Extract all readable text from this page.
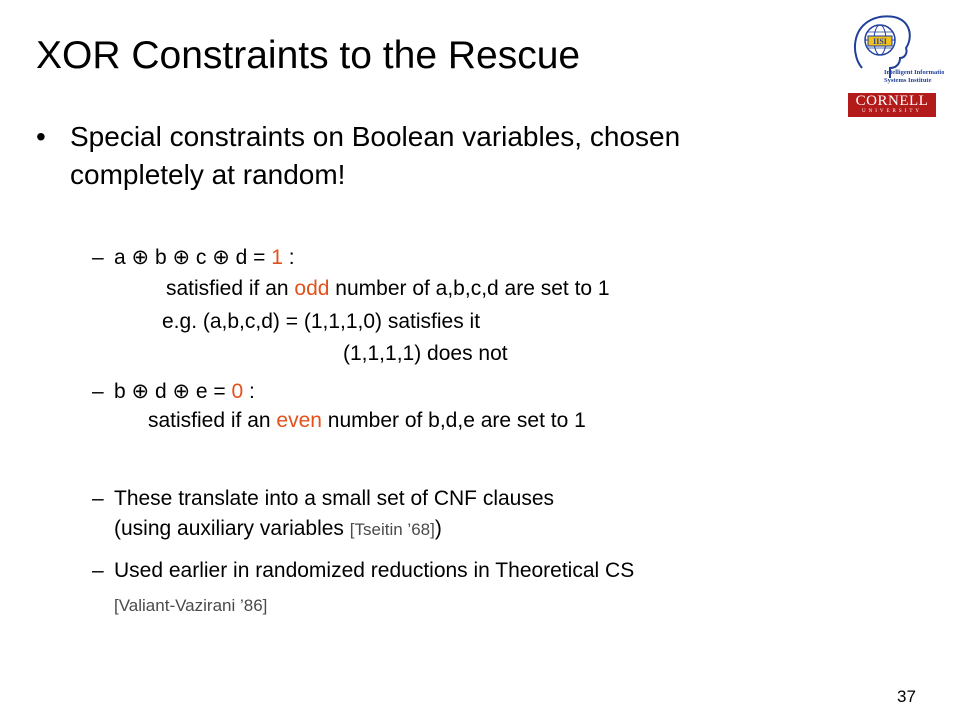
XOR Constraints to the Rescue	IISI
Intelligent Information
Systems Institute
CORNELL
UNIVERSITY
• Special constraints on Boolean variables, chosen
completely at random!
– a ⊕ b ⊕ c ⊕ d = 1 :
satisfied if an odd number of a,b,c,d are set to 1
e.g. (a,b,c,d) = (1,1,1,0) satisfies it
(1,1,1,1) does not
– b ⊕ d ⊕ e = 0 :
satisfied if an even number of b,d,e are set to 1
– These translate into a small set of CNF clauses
(using auxiliary variables [Tseitin ’68])
– Used earlier in randomized reductions in Theoretical CS
[Valiant-Vazirani ’86]
37
